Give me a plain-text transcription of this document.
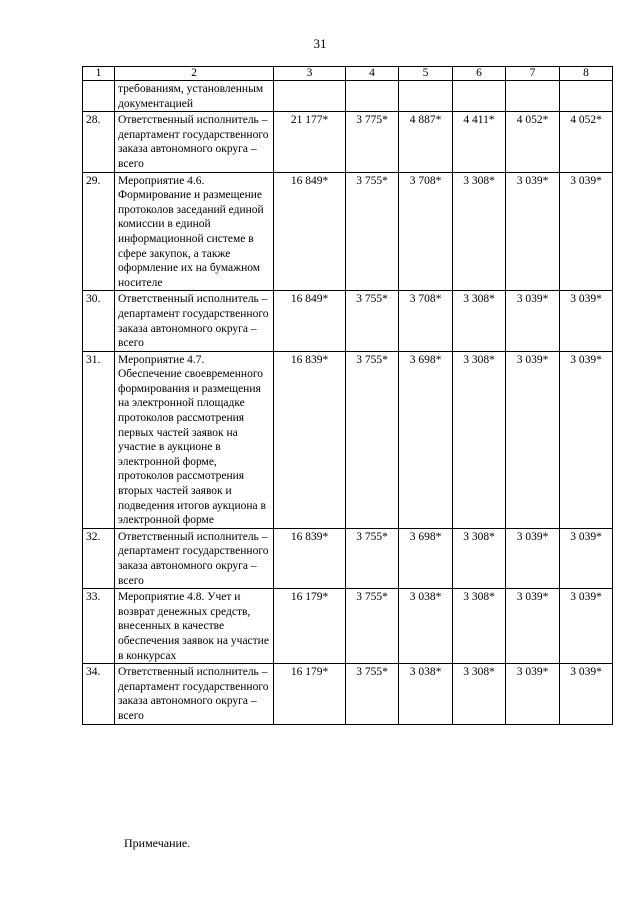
31
1	2	3	4	5	6	7	8
	требованиям, установленным документацией						
28.	Ответственный исполнитель – департамент государственного заказа автономного округа – всего	21 177*	3 775*	4 887*	4 411*	4 052*	4 052*
29.	Мероприятие 4.6. Формирование и размещение протоколов заседаний единой комиссии в единой информационной системе в сфере закупок, а также оформление их на бумажном носителе	16 849*	3 755*	3 708*	3 308*	3 039*	3 039*
30.	Ответственный исполнитель – департамент государственного заказа автономного округа – всего	16 849*	3 755*	3 708*	3 308*	3 039*	3 039*
31.	Мероприятие 4.7. Обеспечение своевременного формирования и размещения на электронной площадке протоколов рассмотрения первых частей заявок на участие в аукционе в электронной форме, протоколов рассмотрения вторых частей заявок и подведения итогов аукциона в электронной форме	16 839*	3 755*	3 698*	3 308*	3 039*	3 039*
32.	Ответственный исполнитель – департамент государственного заказа автономного округа – всего	16 839*	3 755*	3 698*	3 308*	3 039*	3 039*
33.	Мероприятие 4.8. Учет и возврат денежных средств, внесенных в качестве обеспечения заявок на участие в конкурсах	16 179*	3 755*	3 038*	3 308*	3 039*	3 039*
34.	Ответственный исполнитель – департамент государственного заказа автономного округа – всего	16 179*	3 755*	3 038*	3 308*	3 039*	3 039*
Примечание.
